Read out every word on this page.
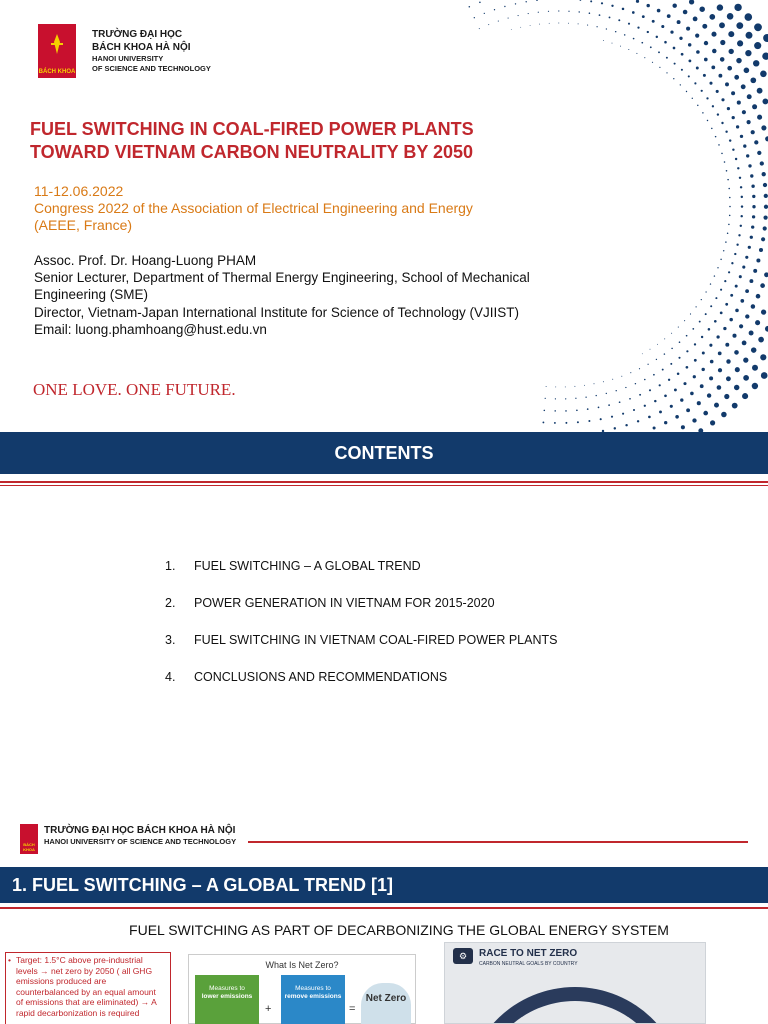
BÁCH KHOA
TRƯỜNG ĐẠI HỌC
BÁCH KHOA HÀ NỘI
HANOI UNIVERSITY
OF SCIENCE AND TECHNOLOGY
FUEL SWITCHING IN COAL-FIRED POWER PLANTS
TOWARD VIETNAM CARBON NEUTRALITY BY 2050
11-12.06.2022
Congress 2022 of the Association of Electrical Engineering and Energy
(AEEE, France)
Assoc. Prof. Dr. Hoang-Luong PHAM
Senior Lecturer, Department of Thermal Energy Engineering, School of Mechanical Engineering (SME)
Director, Vietnam-Japan International Institute for Science of Technology (VJIIST)
Email: luong.phamhoang@hust.edu.vn
ONE LOVE. ONE FUTURE.
CONTENTS
1. FUEL SWITCHING – A GLOBAL TREND
2. POWER GENERATION IN VIETNAM FOR 2015-2020
3. FUEL SWITCHING IN VIETNAM COAL-FIRED POWER PLANTS
4. CONCLUSIONS AND RECOMMENDATIONS
BÁCH KHOA
TRƯỜNG ĐẠI HỌC BÁCH KHOA HÀ NỘI
HANOI UNIVERSITY OF SCIENCE AND TECHNOLOGY
1. FUEL SWITCHING – A GLOBAL TREND [1]
FUEL SWITCHING AS PART OF DECARBONIZING THE GLOBAL ENERGY SYSTEM
• Target: 1.5°C above pre-industrial levels → net zero by 2050 ( all GHG emissions produced are counterbalanced by an equal amount of emissions that are eliminated) → A rapid decarbonization is required
What Is Net Zero?
Measures to
lower emissions
+
Measures to
remove emissions
=
Net Zero
⚙	RACE TO NET ZERO
CARBON NEUTRAL GOALS BY COUNTRY
